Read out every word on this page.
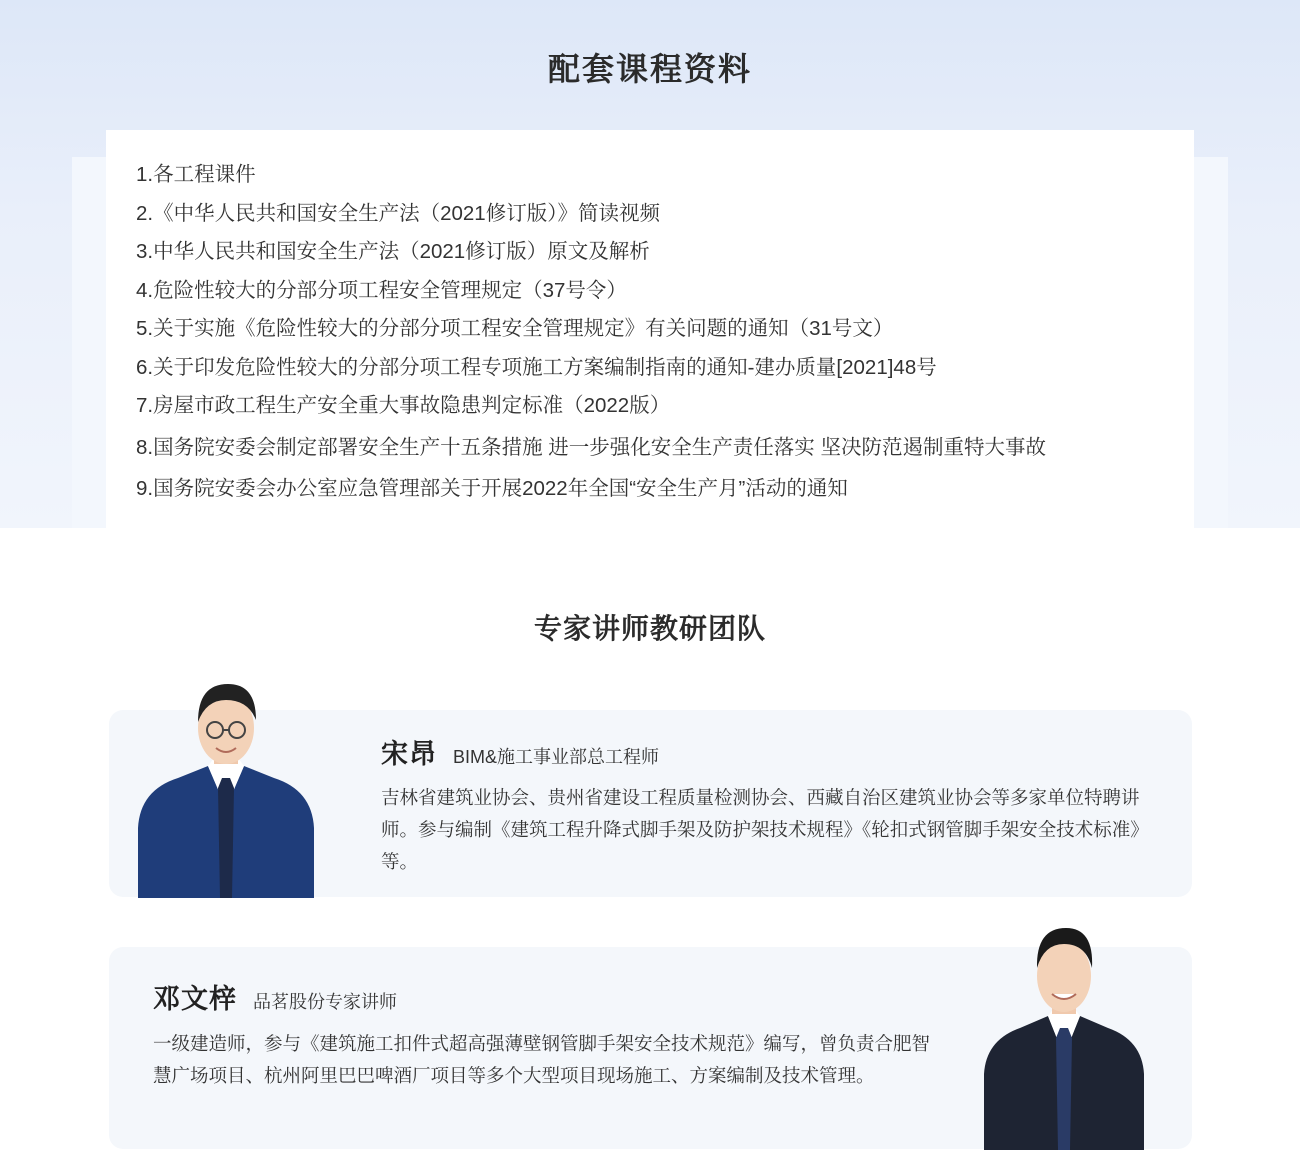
配套课程资料
1.各工程课件
2.《中华人民共和国安全生产法（2021修订版）》简读视频
3.中华人民共和国安全生产法（2021修订版）原文及解析
4.危险性较大的分部分项工程安全管理规定（37号令）
5.关于实施《危险性较大的分部分项工程安全管理规定》有关问题的通知（31号文）
6.关于印发危险性较大的分部分项工程专项施工方案编制指南的通知-建办质量[2021]48号
7.房屋市政工程生产安全重大事故隐患判定标准（2022版）
8.国务院安委会制定部署安全生产十五条措施 进一步强化安全生产责任落实 坚决防范遏制重特大事故
9.国务院安委会办公室应急管理部关于开展2022年全国“安全生产月”活动的通知
专家讲师教研团队
宋昂 BIM&施工事业部总工程师

吉林省建筑业协会、贵州省建设工程质量检测协会、西藏自治区建筑业协会等多家单位特聘讲师。参与编制《建筑工程升降式脚手架及防护架技术规程》《轮扣式钢管脚手架安全技术标准》等。

邓文梓 品茗股份专家讲师

一级建造师，参与《建筑施工扣件式超高强薄壁钢管脚手架安全技术规范》编写，曾负责合肥智慧广场项目、杭州阿里巴巴啤酒厂项目等多个大型项目现场施工、方案编制及技术管理。
